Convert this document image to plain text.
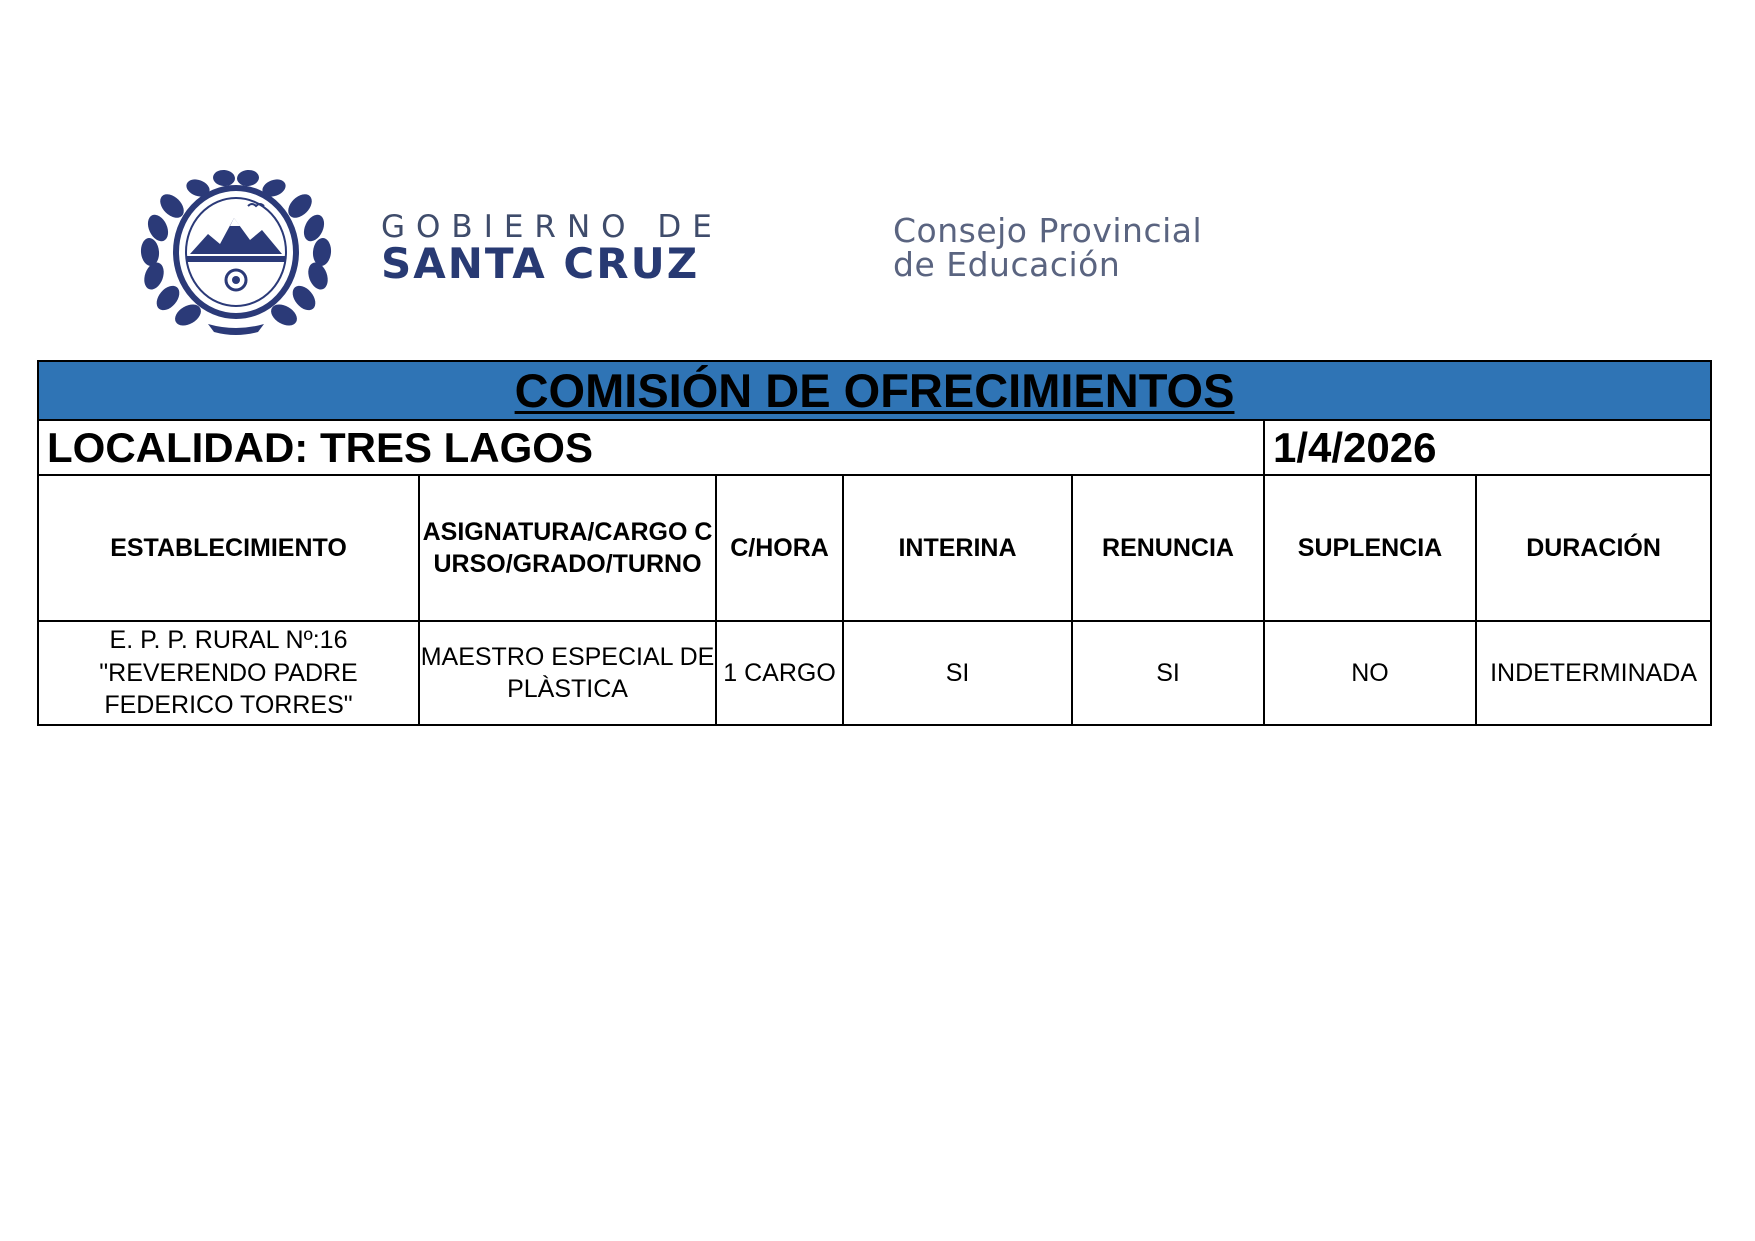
GOBIERNO DE
SANTA CRUZ
Consejo Provincial
de Educación
COMISIÓN DE OFRECIMIENTOS						
LOCALIDAD: TRES LAGOS					1/4/2026	
ESTABLECIMIENTO	ASIGNATURA/CARGO CURSO/GRADO/TURNO	C/HORA	INTERINA	RENUNCIA	SUPLENCIA	DURACIÓN
E. P. P. RURAL Nº:16 "REVERENDO PADRE FEDERICO TORRES"	MAESTRO ESPECIAL DE PLÀSTICA	1 CARGO	SI	SI	NO	INDETERMINADA
